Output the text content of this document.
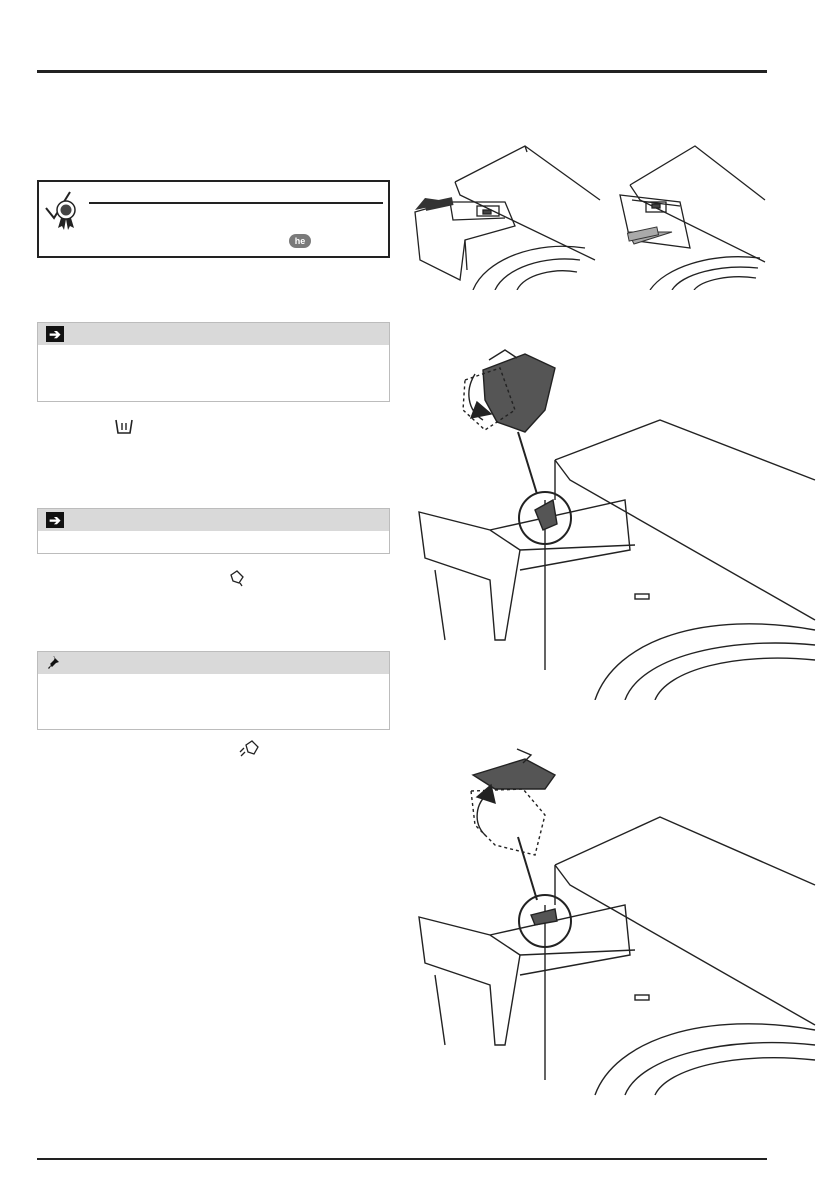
he
➔
➔
